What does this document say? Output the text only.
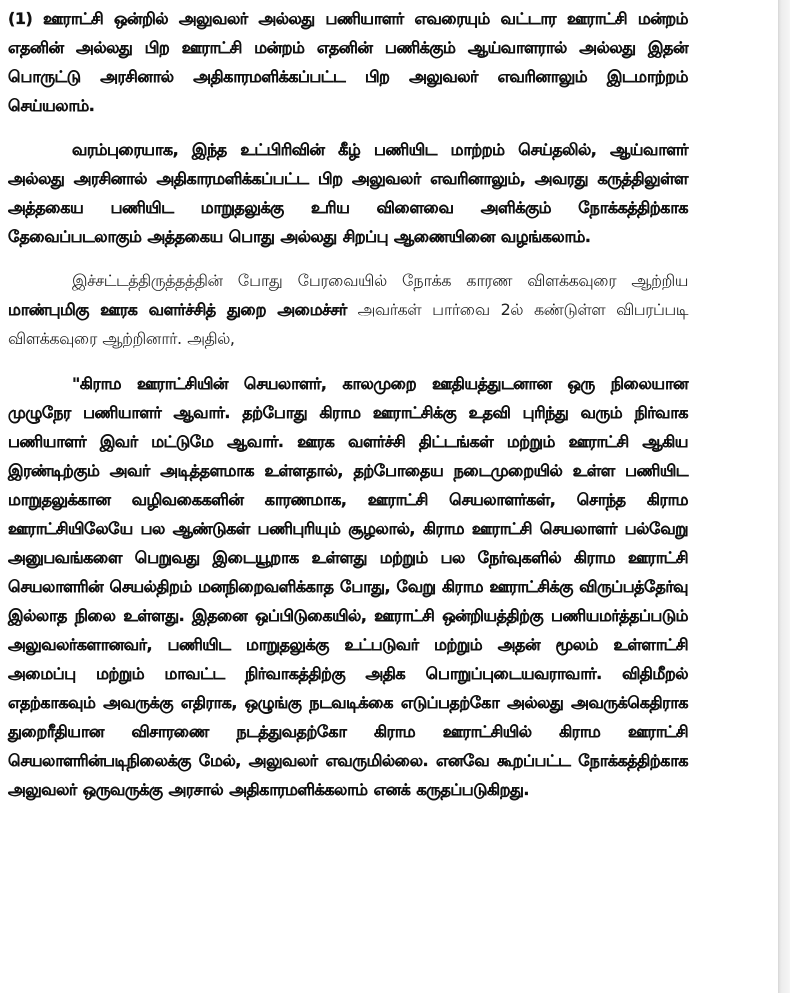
(1) ஊராட்சி ஒன்றில் அலுவலர் அல்லது பணியாளர் எவரையும் வட்டார ஊராட்சி மன்றம் எதனின் அல்லது பிற ஊராட்சி மன்றம் எதனின் பணிக்கும் ஆய்வாளரால் அல்லது இதன் பொருட்டு அரசினால் அதிகாரமளிக்கப்பட்ட பிற அலுவலர் எவரினாலும் இடமாற்றம் செய்யலாம்.

வரம்புரையாக, இந்த உட்பிரிவின் கீழ் பணியிட மாற்றம் செய்தலில், ஆய்வாளர் அல்லது அரசினால் அதிகாரமளிக்கப்பட்ட பிற அலுவலர் எவரினாலும், அவரது கருத்திலுள்ள அத்தகைய பணியிட மாறுதலுக்கு உரிய விளைவை அளிக்கும் நோக்கத்திற்காக தேவைப்படலாகும் அத்தகைய பொது அல்லது சிறப்பு ஆணையினை வழங்கலாம்.

இச்சட்டத்திருத்தத்தின் போது பேரவையில் நோக்க காரண விளக்கவுரை ஆற்றிய மாண்புமிகு ஊரக வளர்ச்சித் துறை அமைச்சர் அவர்கள் பார்வை 2ல் கண்டுள்ள விபரப்படி விளக்கவுரை ஆற்றினார். அதில்,

"கிராம ஊராட்சியின் செயலாளர், காலமுறை ஊதியத்துடனான ஒரு நிலையான முழுநேர பணியாளர் ஆவார். தற்போது கிராம ஊராட்சிக்கு உதவி புரிந்து வரும் நிர்வாக பணியாளர் இவர் மட்டுமே ஆவார். ஊரக வளர்ச்சி திட்டங்கள் மற்றும் ஊராட்சி ஆகிய இரண்டிற்கும் அவர் அடித்தளமாக உள்ளதால், தற்போதைய நடைமுறையில் உள்ள பணியிட மாறுதலுக்கான வழிவகைகளின் காரணமாக, ஊராட்சி செயலாளர்கள், சொந்த கிராம ஊராட்சியிலேயே பல ஆண்டுகள் பணிபுரியும் சூழலால், கிராம ஊராட்சி செயலாளர் பல்வேறு அனுபவங்களை பெறுவது இடையூறாக உள்ளது மற்றும் பல நேர்வுகளில் கிராம ஊராட்சி செயலாளரின் செயல்திறம் மனநிறைவளிக்காத போது, வேறு கிராம ஊராட்சிக்கு விருப்பத்தேர்வு இல்லாத நிலை உள்ளது. இதனை ஒப்பிடுகையில், ஊராட்சி ஒன்றியத்திற்கு பணியமர்த்தப்படும் அலுவலர்களானவர், பணியிட மாறுதலுக்கு உட்படுவர் மற்றும் அதன் மூலம் உள்ளாட்சி அமைப்பு மற்றும் மாவட்ட நிர்வாகத்திற்கு அதிக பொறுப்புடையவராவார். விதிமீறல் எதற்காகவும் அவருக்கு எதிராக, ஒழுங்கு நடவடிக்கை எடுப்பதற்கோ அல்லது அவருக்கெதிராக துறைரீதியான விசாரணை நடத்துவதற்கோ கிராம ஊராட்சியில் கிராம ஊராட்சி செயலாளரின்படிநிலைக்கு மேல், அலுவலர் எவருமில்லை. எனவே கூறப்பட்ட நோக்கத்திற்காக அலுவலர் ஒருவருக்கு அரசால் அதிகாரமளிக்கலாம் எனக் கருதப்படுகிறது.
